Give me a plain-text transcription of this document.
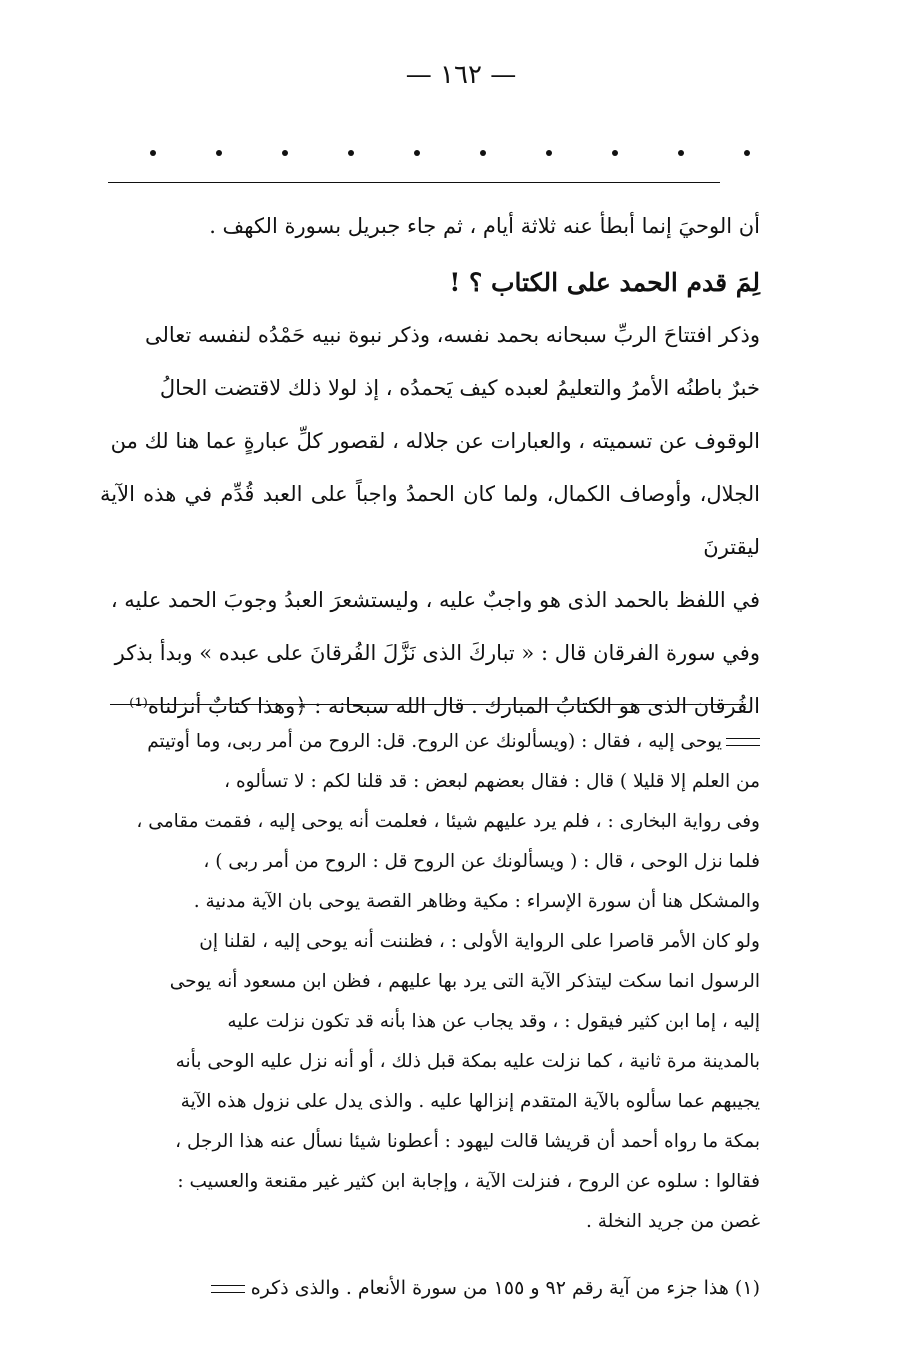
— ١٦٢ —

أن الوحيَ إنما أبطأ عنه ثلاثة أيام ، ثم جاء جبريل بسورة الكهف .

لِمَ قدم الحمد على الكتاب ؟ !

وذكر افتتاحَ الربِّ سبحانه بحمد نفسه، وذكر نبوة نبيه حَمْدُه لنفسه تعالى

خبرٌ باطنُه الأمرُ والتعليمُ لعبده كيف يَحمدُه ، إذ لولا ذلك لاقتضت الحالُ

الوقوف عن تسميته ، والعبارات عن جلاله ، لقصور كلِّ عبارةٍ عما هنا لك من

الجلال، وأوصاف الكمال، ولما كان الحمدُ واجباً على العبد قُدِّم في هذه الآية ليقترنَ

في اللفظ بالحمد الذى هو واجبٌ عليه ، وليستشعرَ العبدُ وجوبَ الحمد عليه ،

وفي سورة الفرقان قال : « تباركَ الذى نَزَّلَ الفُرقانَ على عبده » وبدأ بذكر

الفُرقان الذى هو الكتابُ المبارك . قال الله سبحانه : ﴿وهذا كتابٌ أنزلناه⁽¹⁾

يوحى إليه ، فقال : (ويسألونك عن الروح. قل: الروح من أمر ربى، وما أوتيتم

من العلم إلا قليلا ) قال : فقال بعضهم لبعض : قد قلنا لكم : لا تسألوه ،

وفى رواية البخارى : ، فلم يرد عليهم شيئا ، فعلمت أنه يوحى إليه ، فقمت مقامى ،

فلما نزل الوحى ، قال : ( ويسألونك عن الروح قل : الروح من أمر ربى ) ،

والمشكل هنا أن سورة الإسراء : مكية وظاهر القصة يوحى بان الآية مدنية .

ولو كان الأمر قاصرا على الرواية الأولى : ، فظننت أنه يوحى إليه ، لقلنا إن

الرسول انما سكت ليتذكر الآية التى يرد بها عليهم ، فظن ابن مسعود أنه يوحى

إليه ، إما ابن كثير فيقول : ، وقد يجاب عن هذا بأنه قد تكون نزلت عليه

بالمدينة مرة ثانية ، كما نزلت عليه بمكة قبل ذلك ، أو أنه نزل عليه الوحى بأنه

يجيبهم عما سألوه بالآية المتقدم إنزالها عليه . والذى يدل على نزول هذه الآية

بمكة ما رواه أحمد أن قريشا قالت ليهود : أعطونا شيئا نسأل عنه هذا الرجل ،

فقالوا : سلوه عن الروح ، فنزلت الآية ، وإجابة ابن كثير غير مقنعة والعسيب :

غصن من جريد النخلة .

(١) هذا جزء من آية رقم ٩٢ و ١٥٥ من سورة الأنعام . والذى ذكره
